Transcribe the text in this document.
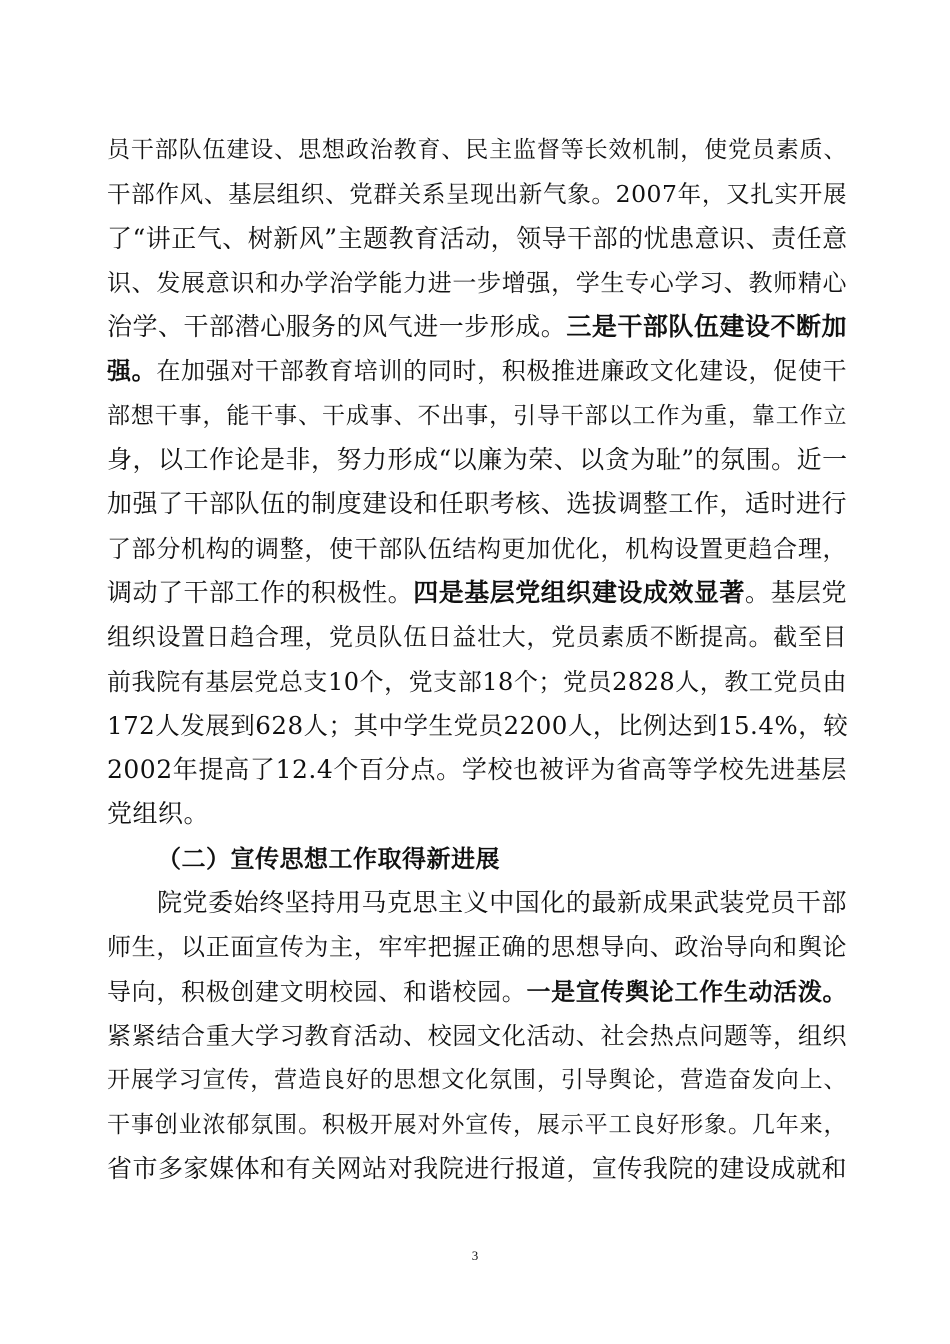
员干部队伍建设、思想政治教育、民主监督等长效机制，使党员素质、
干部作风、基层组织、党群关系呈现出新气象。2007年，又扎实开展
了“讲正气、树新风”主题教育活动，领导干部的忧患意识、责任意
识、发展意识和办学治学能力进一步增强，学生专心学习、教师精心
治学、干部潜心服务的风气进一步形成。三是干部队伍建设不断加
强。在加强对干部教育培训的同时，积极推进廉政文化建设，促使干
部想干事，能干事、干成事、不出事，引导干部以工作为重，靠工作立
身，以工作论是非，努力形成“以廉为荣、以贪为耻”的氛围。近一
加强了干部队伍的制度建设和任职考核、选拔调整工作，适时进行
了部分机构的调整，使干部队伍结构更加优化，机构设置更趋合理，
调动了干部工作的积极性。四是基层党组织建设成效显著。基层党
组织设置日趋合理，党员队伍日益壮大，党员素质不断提高。截至目
前我院有基层党总支10个，党支部18个；党员2828人，教工党员由
172人发展到628人；其中学生党员2200人，比例达到15.4%，较
2002年提高了12.4个百分点。学校也被评为省高等学校先进基层
党组织。
（二）宣传思想工作取得新进展
院党委始终坚持用马克思主义中国化的最新成果武装党员干部
师生，以正面宣传为主，牢牢把握正确的思想导向、政治导向和舆论
导向，积极创建文明校园、和谐校园。一是宣传舆论工作生动活泼。
紧紧结合重大学习教育活动、校园文化活动、社会热点问题等，组织
开展学习宣传，营造良好的思想文化氛围，引导舆论，营造奋发向上、
干事创业浓郁氛围。积极开展对外宣传，展示平工良好形象。几年来，
省市多家媒体和有关网站对我院进行报道，宣传我院的建设成就和
3
